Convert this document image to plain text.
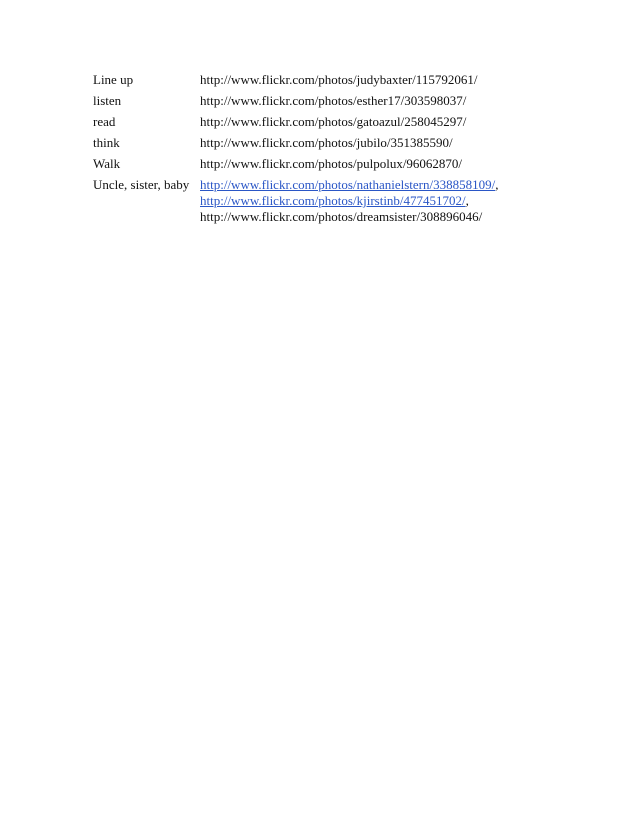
Line up	http://www.flickr.com/photos/judybaxter/115792061/
listen	http://www.flickr.com/photos/esther17/303598037/
read	http://www.flickr.com/photos/gatoazul/258045297/
think	http://www.flickr.com/photos/jubilo/351385590/
Walk	http://www.flickr.com/photos/pulpolux/96062870/
Uncle, sister, baby http://www.flickr.com/photos/nathanielstern/338858109/,
http://www.flickr.com/photos/kjirstinb/477451702/,
http://www.flickr.com/photos/dreamsister/308896046/
